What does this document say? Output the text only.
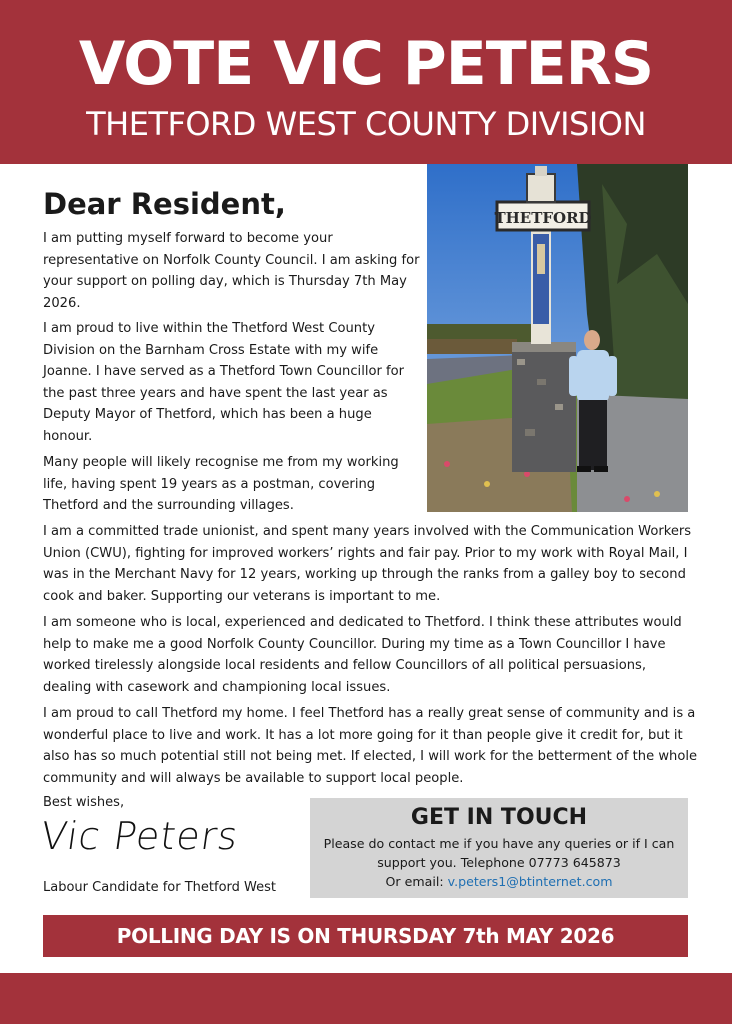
VOTE VIC PETERS
THETFORD WEST COUNTY DIVISION
THETFORD
Dear Resident,

I am putting myself forward to become your representative on Norfolk County Council. I am asking for your support on polling day, which is Thursday 7th May 2026.

I am proud to live within the Thetford West County Division on the Barnham Cross Estate with my wife Joanne. I have served as a Thetford Town Councillor for the past three years and have spent the last year as Deputy Mayor of Thetford, which has been a huge honour.

Many people will likely recognise me from my working life, having spent 19 years as a postman, covering Thetford and the surrounding villages.

I am a committed trade unionist, and spent many years involved with the Communication Workers Union (CWU), fighting for improved workers’ rights and fair pay. Prior to my work with Royal Mail, I was in the Merchant Navy for 12 years, working up through the ranks from a galley boy to second cook and baker. Supporting our veterans is important to me.

I am someone who is local, experienced and dedicated to Thetford. I think these attributes would help to make me a good Norfolk County Councillor. During my time as a Town Councillor I have worked tirelessly alongside local residents and fellow Councillors of all political persuasions, dealing with casework and championing local issues.

I am proud to call Thetford my home. I feel Thetford has a really great sense of community and is a wonderful place to live and work. It has a lot more going for it than people give it credit for, but it also has so much potential still not being met. If elected, I will work for the betterment of the whole community and will always be available to support local people.

Best wishes,
Vic Peters
Labour Candidate for Thetford West
GET IN TOUCH
Please do contact me if you have any queries or if I can support you. Telephone 07773 645873
Or email: v.peters1@btinternet.com
POLLING DAY IS ON THURSDAY 7th MAY 2026
